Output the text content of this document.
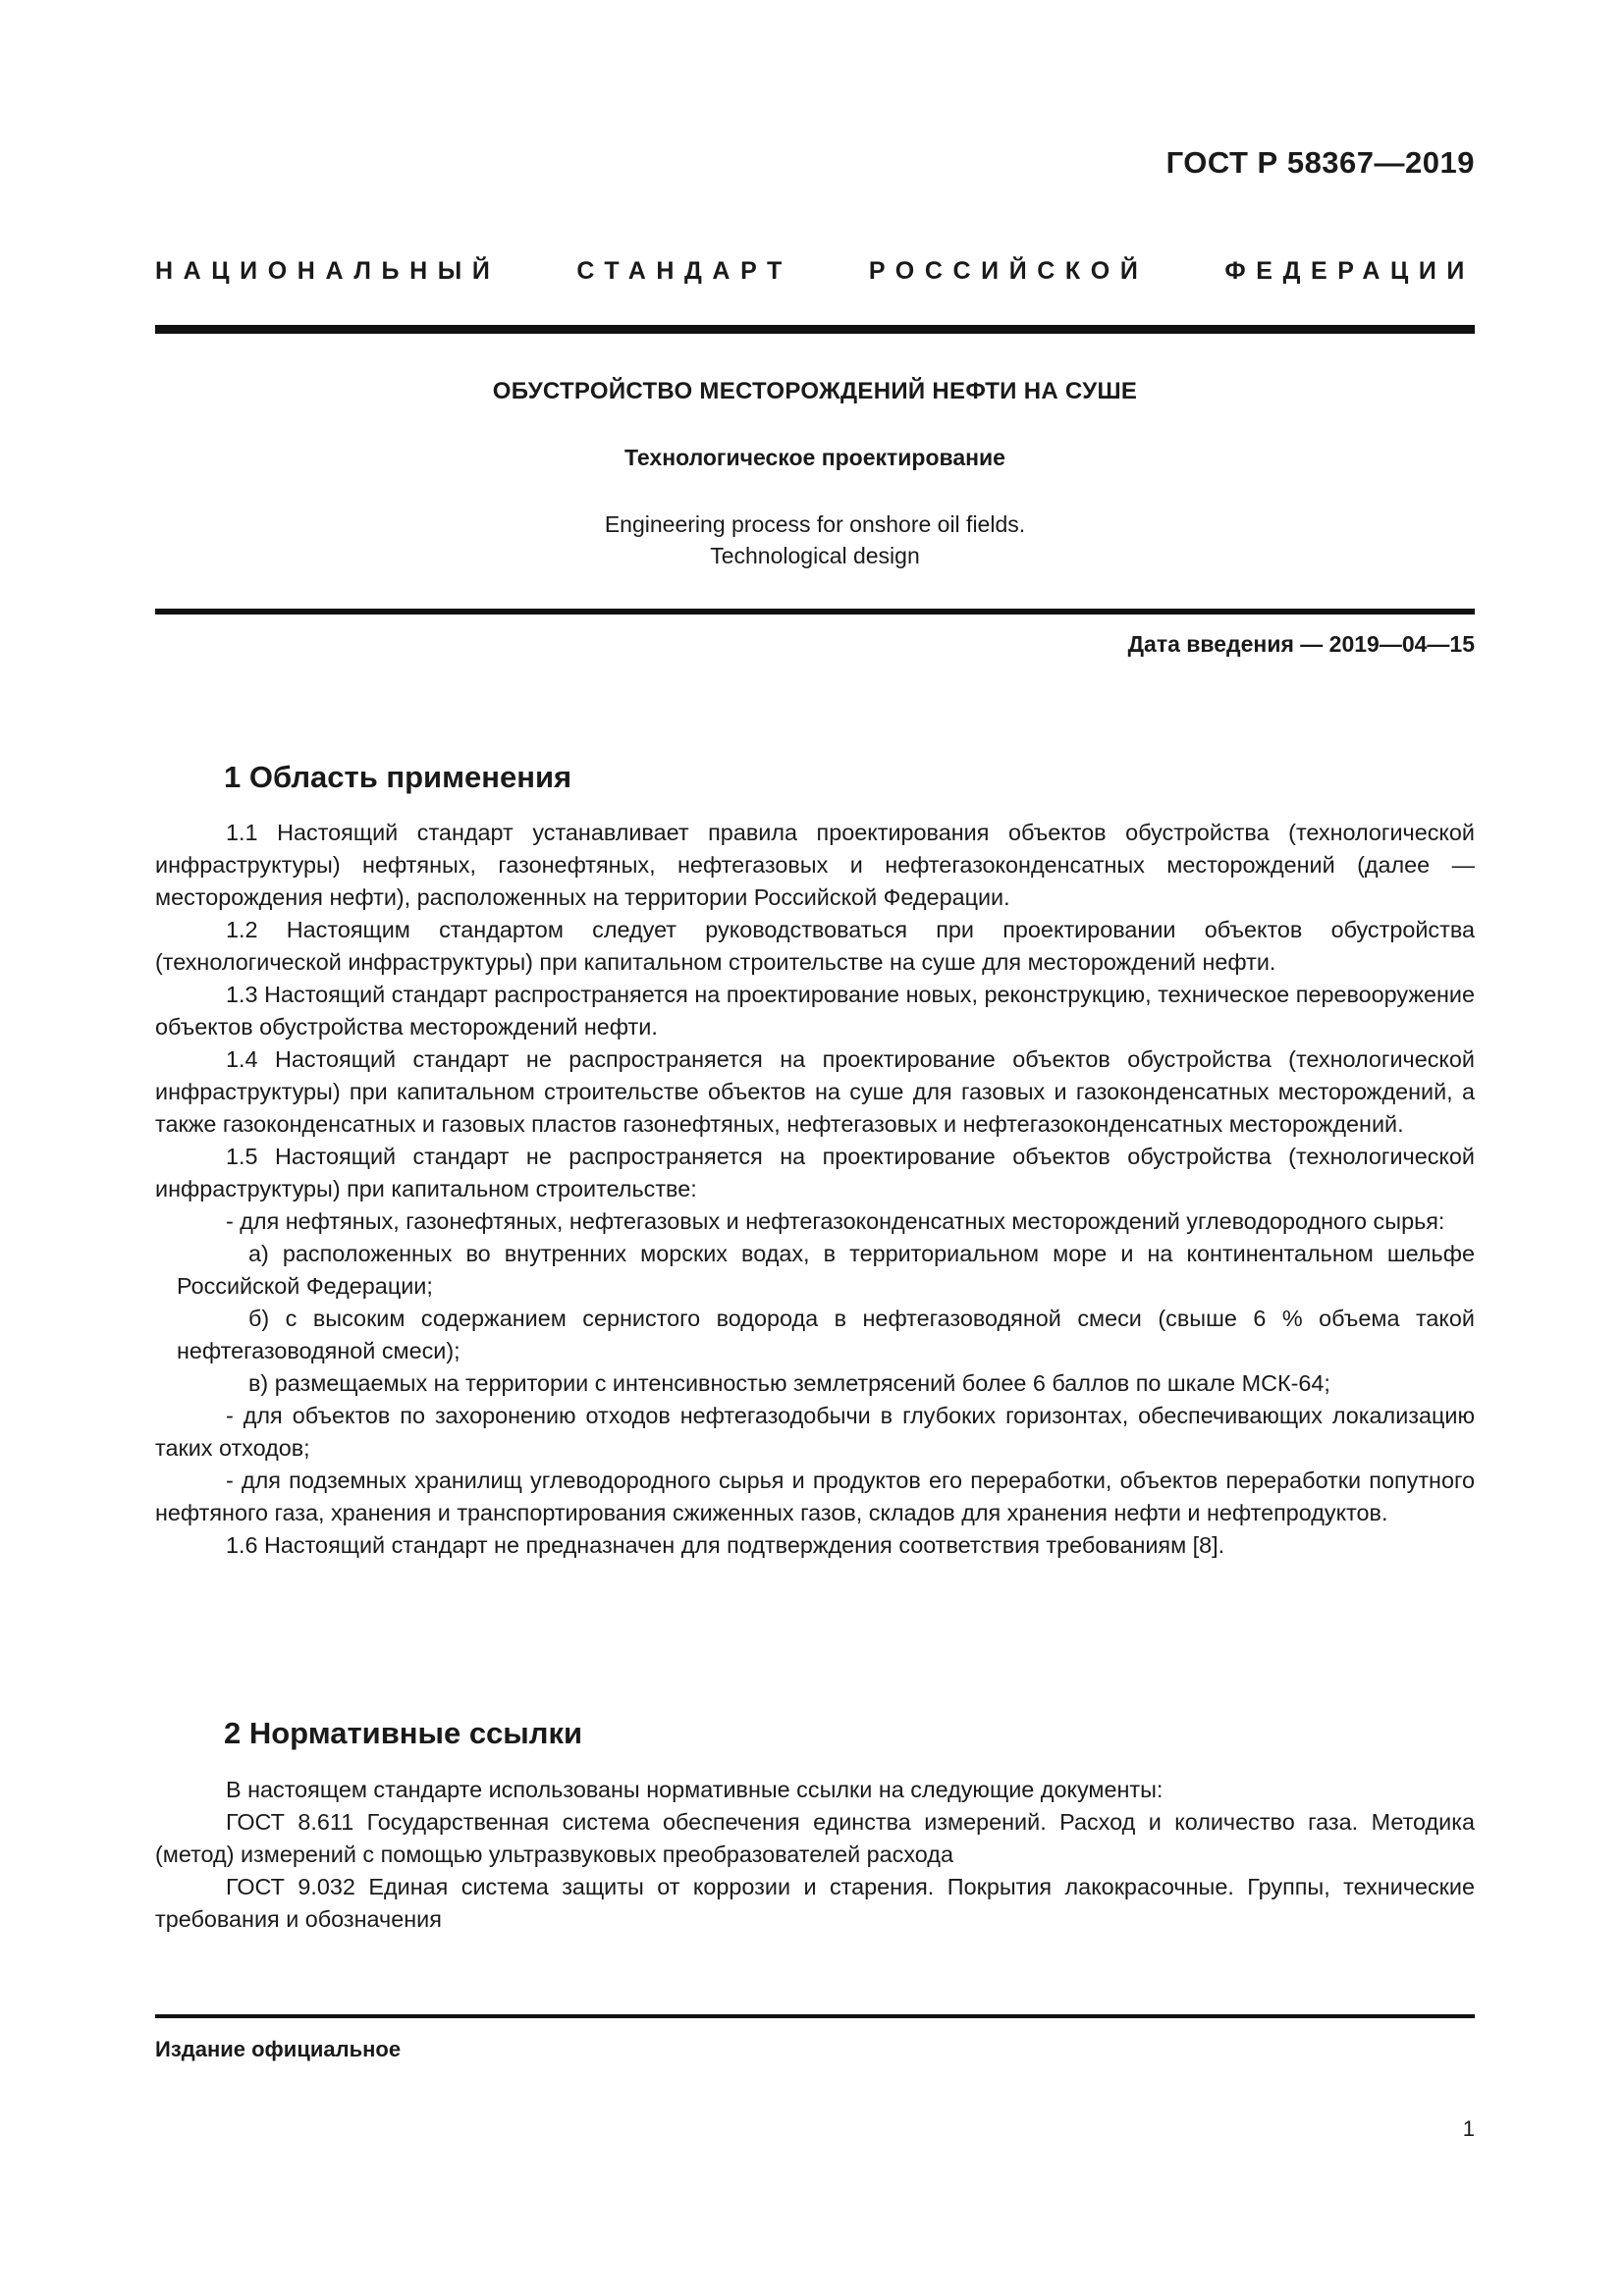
ГОСТ Р 58367—2019
НАЦИОНАЛЬНЫЙ СТАНДАРТ РОССИЙСКОЙ ФЕДЕРАЦИИ
ОБУСТРОЙСТВО МЕСТОРОЖДЕНИЙ НЕФТИ НА СУШЕ
Технологическое проектирование
Engineering process for onshore oil fields.
Technological design
Дата введения — 2019—04—15
1 Область применения

1.1 Настоящий стандарт устанавливает правила проектирования объектов обустройства (технологической инфраструктуры) нефтяных, газонефтяных, нефтегазовых и нефтегазоконденсатных месторождений (далее — месторождения нефти), расположенных на территории Российской Федерации.

1.2 Настоящим стандартом следует руководствоваться при проектировании объектов обустройства (технологической инфраструктуры) при капитальном строительстве на суше для месторождений нефти.

1.3 Настоящий стандарт распространяется на проектирование новых, реконструкцию, техническое перевооружение объектов обустройства месторождений нефти.

1.4 Настоящий стандарт не распространяется на проектирование объектов обустройства (технологической инфраструктуры) при капитальном строительстве объектов на суше для газовых и газоконденсатных месторождений, а также газоконденсатных и газовых пластов газонефтяных, нефтегазовых и нефтегазоконденсатных месторождений.

1.5 Настоящий стандарт не распространяется на проектирование объектов обустройства (технологической инфраструктуры) при капитальном строительстве:

- для нефтяных, газонефтяных, нефтегазовых и нефтегазоконденсатных месторождений углеводородного сырья:

а) расположенных во внутренних морских водах, в территориальном море и на континентальном шельфе Российской Федерации;

б) с высоким содержанием сернистого водорода в нефтегазоводяной смеси (свыше 6 % объема такой нефтегазоводяной смеси);

в) размещаемых на территории с интенсивностью землетрясений более 6 баллов по шкале МСК-64;

- для объектов по захоронению отходов нефтегазодобычи в глубоких горизонтах, обеспечивающих локализацию таких отходов;

- для подземных хранилищ углеводородного сырья и продуктов его переработки, объектов переработки попутного нефтяного газа, хранения и транспортирования сжиженных газов, складов для хранения нефти и нефтепродуктов.

1.6 Настоящий стандарт не предназначен для подтверждения соответствия требованиям [8].

2 Нормативные ссылки

В настоящем стандарте использованы нормативные ссылки на следующие документы:

ГОСТ 8.611 Государственная система обеспечения единства измерений. Расход и количество газа. Методика (метод) измерений с помощью ультразвуковых преобразователей расхода

ГОСТ 9.032 Единая система защиты от коррозии и старения. Покрытия лакокрасочные. Группы, технические требования и обозначения

Издание официальное
1
